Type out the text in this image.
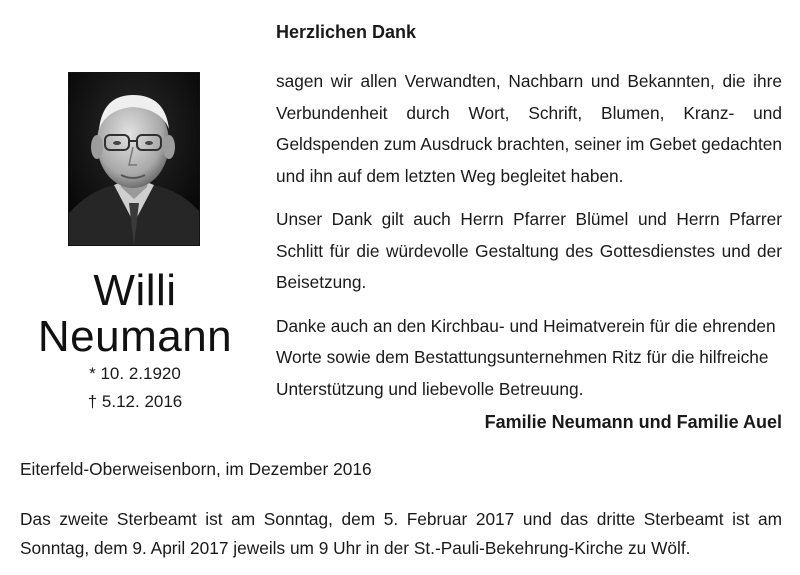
Willi
Neumann
* 10. 2.1920
† 5.12. 2016
Herzlichen Dank

sagen wir allen Verwandten, Nachbarn und Bekannten, die ihre Verbundenheit durch Wort, Schrift, Blumen, Kranz- und Geldspenden zum Ausdruck brachten, seiner im Gebet gedachten und ihn auf dem letzten Weg begleitet haben.

Unser Dank gilt auch Herrn Pfarrer Blümel und Herrn Pfarrer Schlitt für die würdevolle Gestaltung des Gottesdienstes und der Beisetzung.

Danke auch an den Kirchbau- und Heimatverein für die ehrenden Worte sowie dem Bestattungsunternehmen Ritz für die hilfreiche Unterstützung und liebevolle Betreuung.

Familie Neumann und Familie Auel
Eiterfeld-Oberweisenborn, im Dezember 2016
Das zweite Sterbeamt ist am Sonntag, dem 5. Februar 2017 und das dritte Sterbeamt ist am Sonntag, dem 9. April 2017 jeweils um 9 Uhr in der St.-Pauli-Bekehrung-Kirche zu Wölf.
